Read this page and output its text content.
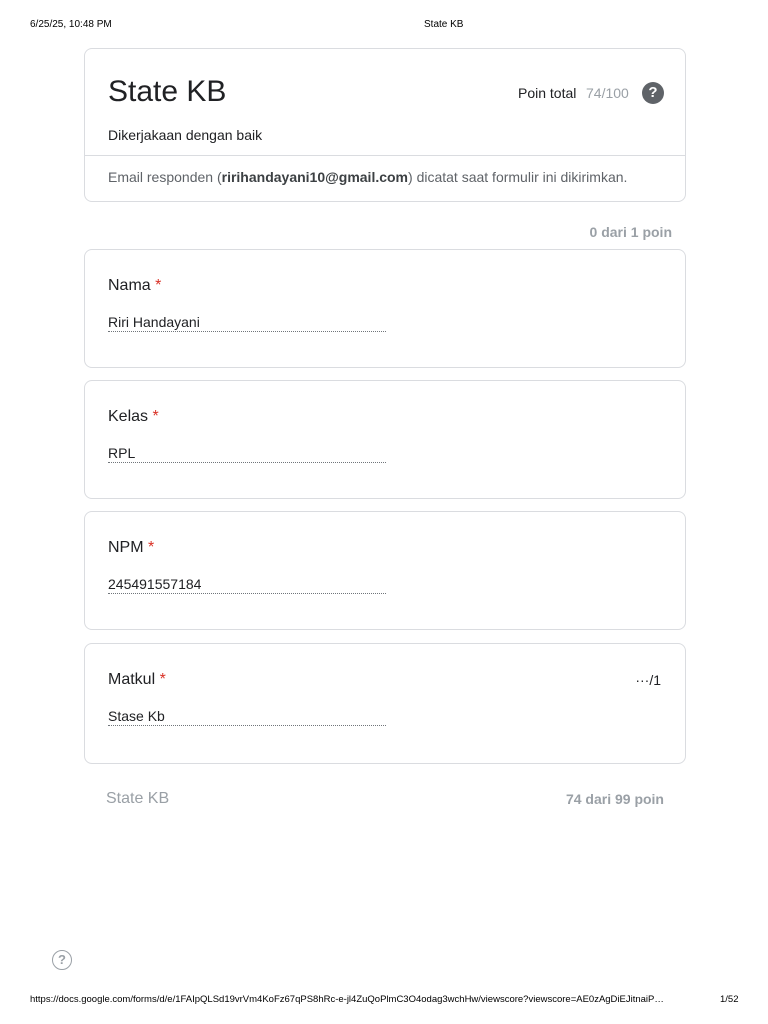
6/25/25, 10:48 PM	State KB
State KB	Poin total 74/100	?
Dikerjakaan dengan baik
Email responden (ririhandayani10@gmail.com) dicatat saat formulir ini dikirimkan.
0 dari 1 poin
Nama *
Riri Handayani
Kelas *
RPL
NPM *
245491557184
Matkul *	···/1
Stase Kb
State KB	74 dari 99 poin
?
https://docs.google.com/forms/d/e/1FAIpQLSd19vrVm4KoFz67qPS8hRc-e-jl4ZuQoPlmC3O4odag3wchHw/viewscore?viewscore=AE0zAgDiEJitnaiP…	1/52
